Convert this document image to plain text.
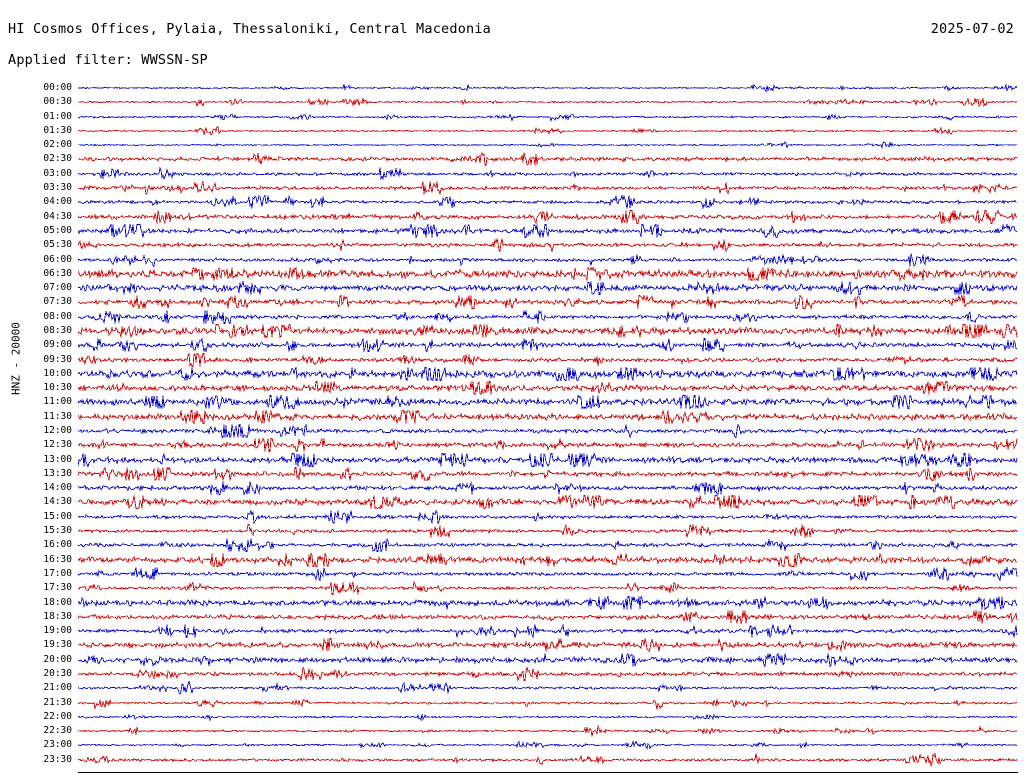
HI Cosmos Offices, Pylaia, Thessaloniki, Central Macedonia	2025-07-02
Applied filter: WWSSN-SP
HNZ - 20000
00:00
00:30
01:00
01:30
02:00
02:30
03:00
03:30
04:00
04:30
05:00
05:30
06:00
06:30
07:00
07:30
08:00
08:30
09:00
09:30
10:00
10:30
11:00
11:30
12:00
12:30
13:00
13:30
14:00
14:30
15:00
15:30
16:00
16:30
17:00
17:30
18:00
18:30
19:00
19:30
20:00
20:30
21:00
21:30
22:00
22:30
23:00
23:30
